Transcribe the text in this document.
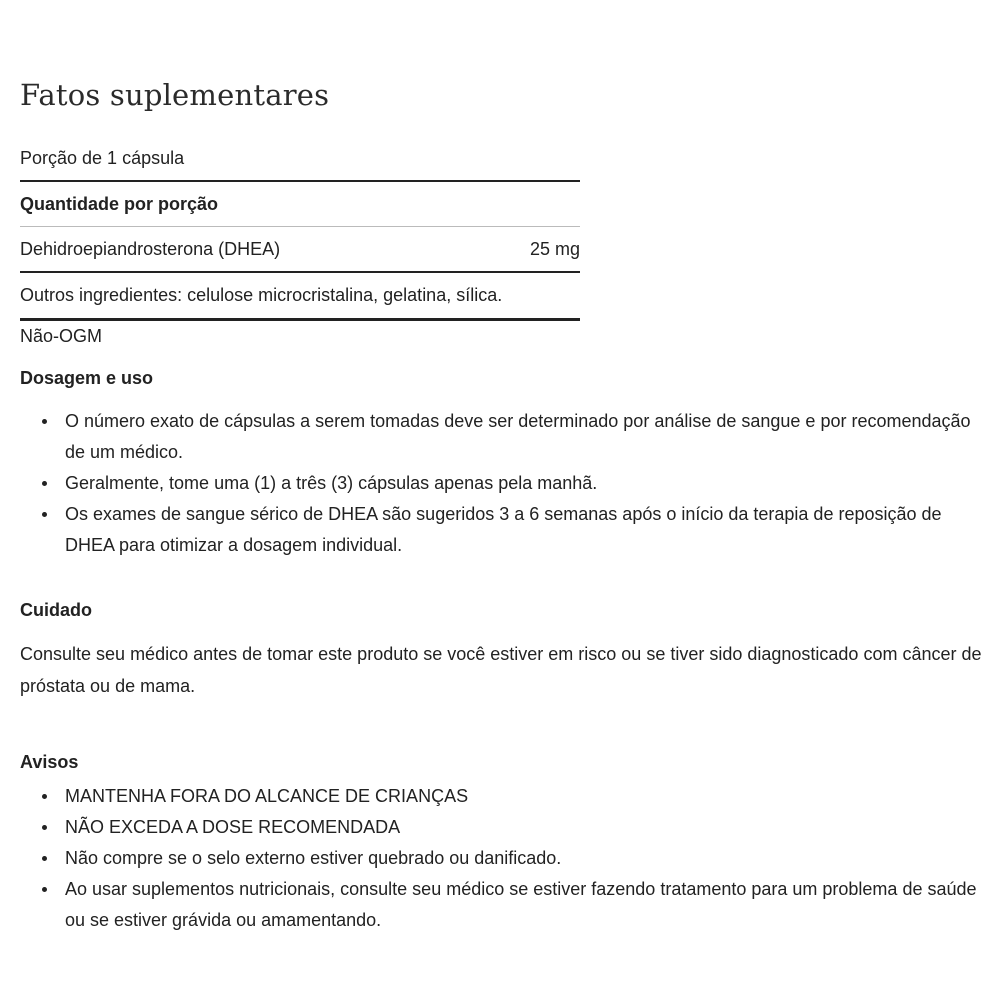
Fatos suplementares
Porção de 1 cápsula
Quantidade por porção
Dehidroepiandrosterona (DHEA)	25 mg
Outros ingredientes: celulose microcristalina, gelatina, sílica.
Não-OGM
Dosagem e uso
O número exato de cápsulas a serem tomadas deve ser determinado por análise de sangue e por recomendação de um médico.
Geralmente, tome uma (1) a três (3) cápsulas apenas pela manhã.
Os exames de sangue sérico de DHEA são sugeridos 3 a 6 semanas após o início da terapia de reposição de DHEA para otimizar a dosagem individual.
Cuidado

Consulte seu médico antes de tomar este produto se você estiver em risco ou se tiver sido diagnosticado com câncer de próstata ou de mama.

Avisos
MANTENHA FORA DO ALCANCE DE CRIANÇAS
NÃO EXCEDA A DOSE RECOMENDADA
Não compre se o selo externo estiver quebrado ou danificado.
Ao usar suplementos nutricionais, consulte seu médico se estiver fazendo tratamento para um problema de saúde ou se estiver grávida ou amamentando.
